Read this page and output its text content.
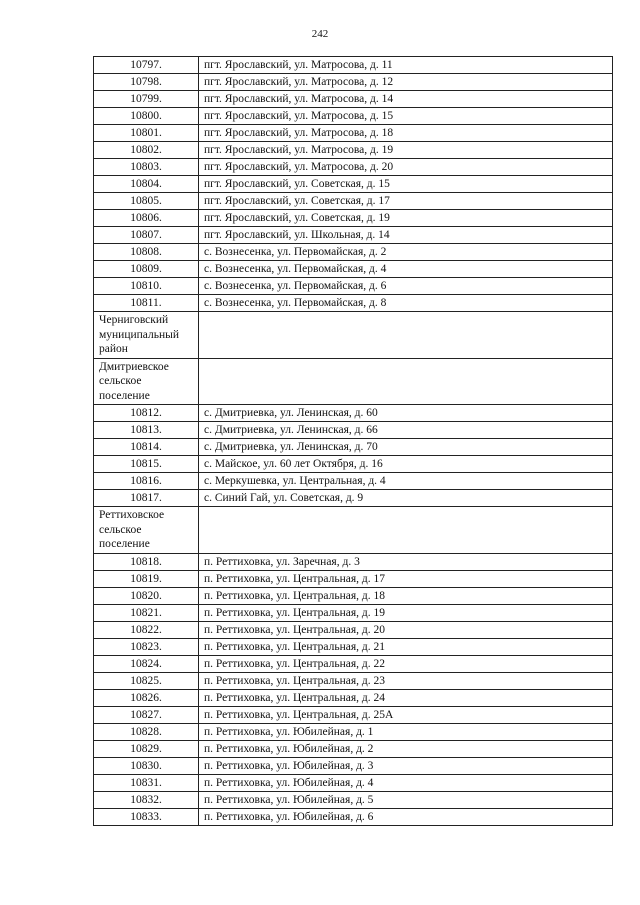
242
10797.	пгт. Ярославский, ул. Матросова, д. 11
10798.	пгт. Ярославский, ул. Матросова, д. 12
10799.	пгт. Ярославский, ул. Матросова, д. 14
10800.	пгт. Ярославский, ул. Матросова, д. 15
10801.	пгт. Ярославский, ул. Матросова, д. 18
10802.	пгт. Ярославский, ул. Матросова, д. 19
10803.	пгт. Ярославский, ул. Матросова, д. 20
10804.	пгт. Ярославский, ул. Советская, д. 15
10805.	пгт. Ярославский, ул. Советская, д. 17
10806.	пгт. Ярославский, ул. Советская, д. 19
10807.	пгт. Ярославский, ул. Школьная, д. 14
10808.	с. Вознесенка, ул. Первомайская, д. 2
10809.	с. Вознесенка, ул. Первомайская, д. 4
10810.	с. Вознесенка, ул. Первомайская, д. 6
10811.	с. Вознесенка, ул. Первомайская, д. 8
Черниговский муниципальный район	
Дмитриевское сельское поселение	
10812.	с. Дмитриевка, ул. Ленинская, д. 60
10813.	с. Дмитриевка, ул. Ленинская, д. 66
10814.	с. Дмитриевка, ул. Ленинская, д. 70
10815.	с. Майское, ул. 60 лет Октября, д. 16
10816.	с. Меркушевка, ул. Центральная, д. 4
10817.	с. Синий Гай, ул. Советская, д. 9
Реттиховское сельское поселение	
10818.	п. Реттиховка, ул. Заречная, д. 3
10819.	п. Реттиховка, ул. Центральная, д. 17
10820.	п. Реттиховка, ул. Центральная, д. 18
10821.	п. Реттиховка, ул. Центральная, д. 19
10822.	п. Реттиховка, ул. Центральная, д. 20
10823.	п. Реттиховка, ул. Центральная, д. 21
10824.	п. Реттиховка, ул. Центральная, д. 22
10825.	п. Реттиховка, ул. Центральная, д. 23
10826.	п. Реттиховка, ул. Центральная, д. 24
10827.	п. Реттиховка, ул. Центральная, д. 25А
10828.	п. Реттиховка, ул. Юбилейная, д. 1
10829.	п. Реттиховка, ул. Юбилейная, д. 2
10830.	п. Реттиховка, ул. Юбилейная, д. 3
10831.	п. Реттиховка, ул. Юбилейная, д. 4
10832.	п. Реттиховка, ул. Юбилейная, д. 5
10833.	п. Реттиховка, ул. Юбилейная, д. 6
